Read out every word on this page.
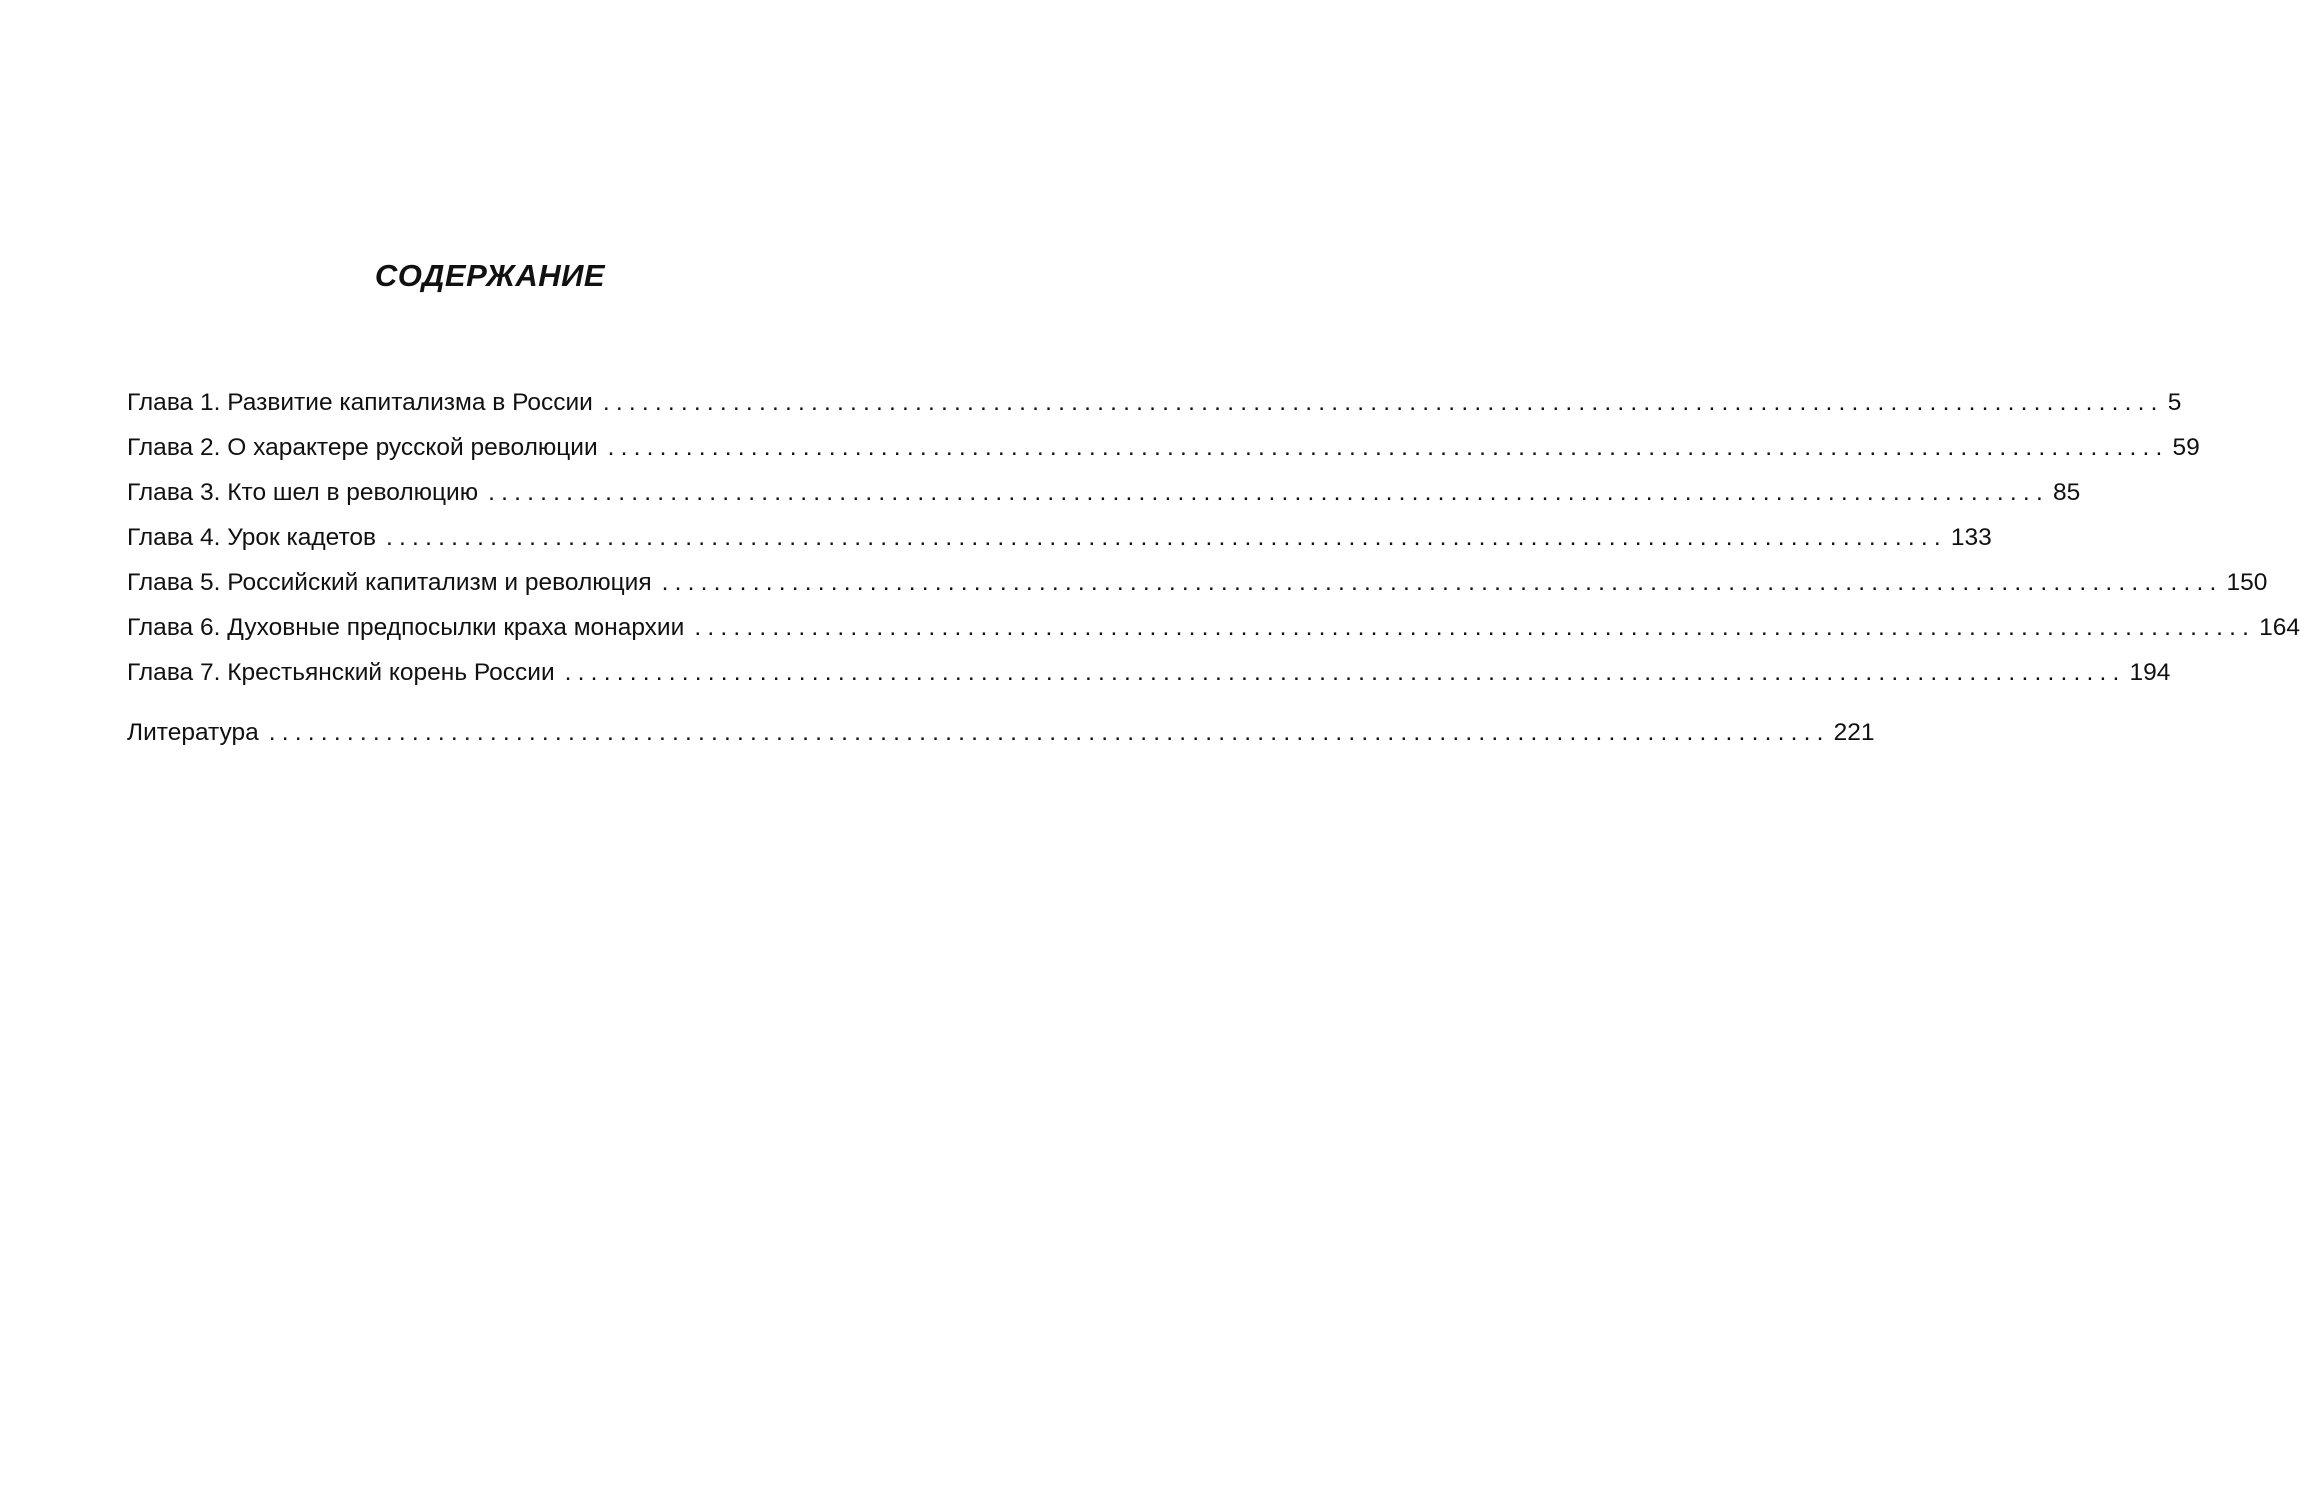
СОДЕРЖАНИЕ
Глава 1. Развитие капитализма в России ........................................................................................................................ 5
Глава 2. О характере русской революции ........................................................................................................................ 59
Глава 3. Кто шел в революцию ........................................................................................................................ 85
Глава 4. Урок кадетов ........................................................................................................................ 133
Глава 5. Российский капитализм и революция ........................................................................................................................ 150
Глава 6. Духовные предпосылки краха монархии ........................................................................................................................ 164
Глава 7. Крестьянский корень России ........................................................................................................................ 194
Литература ........................................................................................................................ 221
